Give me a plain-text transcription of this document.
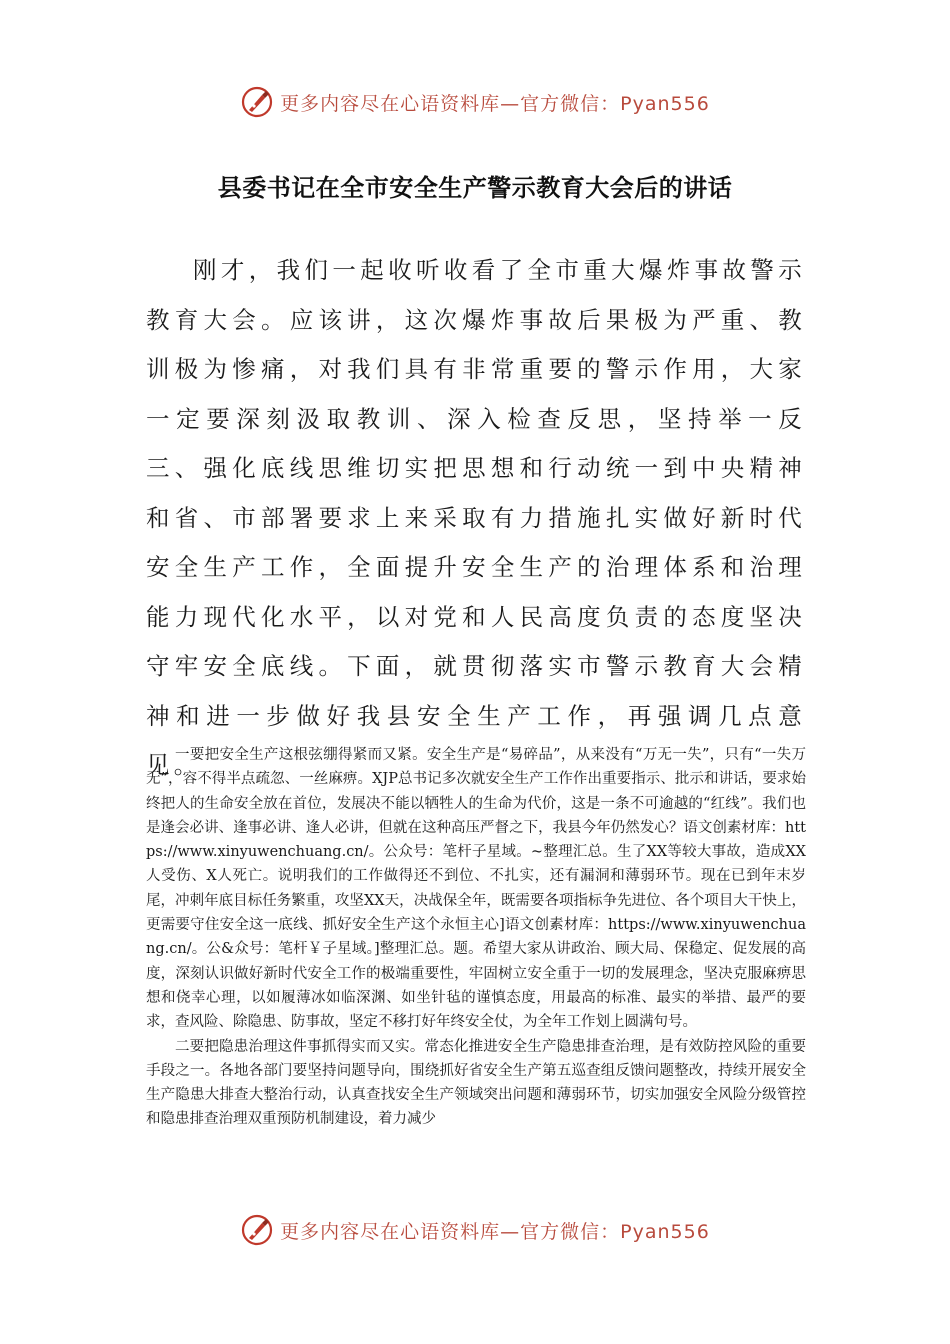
更多内容尽在心语资料库—官方微信：Pyan556
县委书记在全市安全生产警示教育大会后的讲话

刚才，我们一起收听收看了全市重大爆炸事故警示教育大会。应该讲，这次爆炸事故后果极为严重、教训极为惨痛，对我们具有非常重要的警示作用，大家一定要深刻汲取教训、深入检查反思，坚持举一反三、强化底线思维切实把思想和行动统一到中央精神和省、市部署要求上来采取有力措施扎实做好新时代安全生产工作，全面提升安全生产的治理体系和治理能力现代化水平，以对党和人民高度负责的态度坚决守牢安全底线。下面，就贯彻落实市警示教育大会精神和进一步做好我县安全生产工作，再强调几点意见。

一要把安全生产这根弦绷得紧而又紧。安全生产是“易碎品”，从来没有“万无一失”，只有“一失万无”，容不得半点疏忽、一丝麻痹。XJP总书记多次就安全生产工作作出重要指示、批示和讲话，要求始终把人的生命安全放在首位，发展决不能以牺牲人的生命为代价，这是一条不可逾越的“红线”。我们也是逢会必讲、逢事必讲、逢人必讲，但就在这种高压严督之下，我县今年仍然发心？语文创素材库：https://www.xinyuwenchuang.cn/。公众号：笔杆子星域。~整理汇总。生了XX等较大事故，造成XX人受伤、X人死亡。说明我们的工作做得还不到位、不扎实，还有漏洞和薄弱环节。现在已到年末岁尾，冲刺年底目标任务繁重，攻坚XX天，决战保全年，既需要各项指标争先进位、各个项目大干快上，更需要守住安全这一底线、抓好安全生产这个永恒主心]语文创素材库：https://www.xinyuwenchuang.cn/。公&众号：笔杆￥子星域。]整理汇总。题。希望大家从讲政治、顾大局、保稳定、促发展的高度，深刻认识做好新时代安全工作的极端重要性，牢固树立安全重于一切的发展理念，坚决克服麻痹思想和侥幸心理，以如履薄冰如临深渊、如坐针毡的谨慎态度，用最高的标准、最实的举措、最严的要求，查风险、除隐患、防事故，坚定不移打好年终安全仗，为全年工作划上圆满句号。

二要把隐患治理这件事抓得实而又实。常态化推进安全生产隐患排查治理，是有效防控风险的重要手段之一。各地各部门要坚持问题导向，围绕抓好省安全生产第五巡查组反馈问题整改，持续开展安全生产隐患大排查大整治行动，认真查找安全生产领域突出问题和薄弱环节，切实加强安全风险分级管控和隐患排查治理双重预防机制建设，着力减少

更多内容尽在心语资料库—官方微信：Pyan556
